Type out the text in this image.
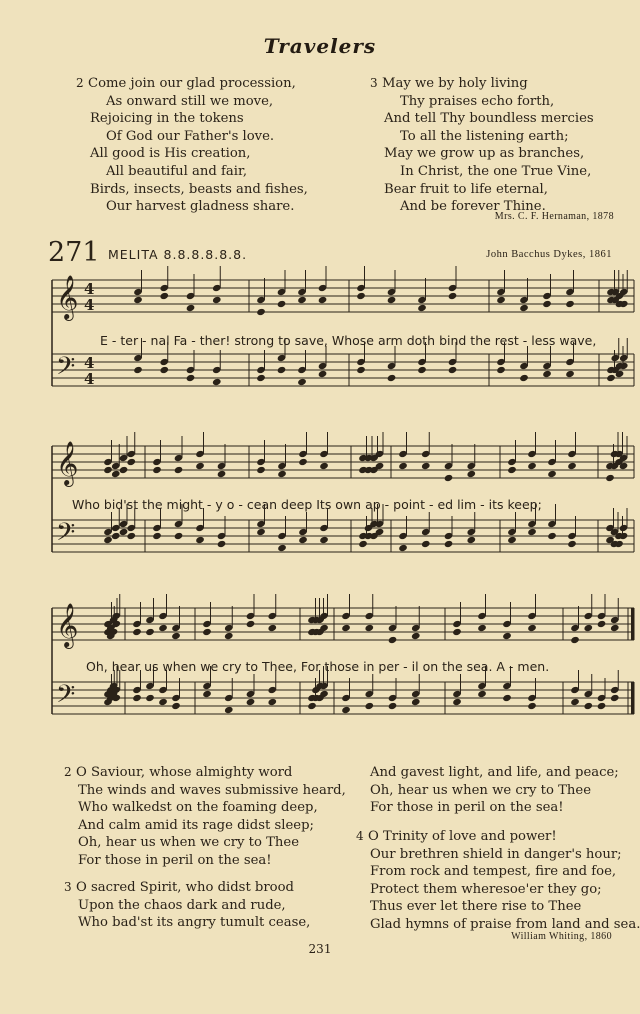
Travelers
2 Come join our glad procession,
As onward still we move,
Rejoicing in the tokens
Of God our Father's love.
All good is His creation,
All beautiful and fair,
Birds, insects, beasts and fishes,
Our harvest gladness share.
3 May we by holy living
Thy praises echo forth,
And tell Thy boundless mercies
To all the listening earth;
May we grow up as branches,
In Christ, the one True Vine,
Bear fruit to life eternal,
And be forever Thine.
Mrs. C. F. Hernaman, 1878
271 MELITA 8.8.8.8.8.8.	John Bacchus Dykes, 1861
𝄞
𝄢
4
4
4
4
𝄞
𝄢
𝄞
𝄢
E - ter - nal Fa - ther! strong to save, Whose arm doth bind the rest - less wave,
Who bid'st the might - y o - cean deep Its own ap - point - ed lim - its keep;
Oh, hear us when we cry to Thee, For those in per - il on the sea. A - men.
2 O Saviour, whose almighty word
The winds and waves submissive heard,
Who walkedst on the foaming deep,
And calm amid its rage didst sleep;
Oh, hear us when we cry to Thee
For those in peril on the sea!
3 O sacred Spirit, who didst brood
Upon the chaos dark and rude,
Who bad'st its angry tumult cease,
And gavest light, and life, and peace;
Oh, hear us when we cry to Thee
For those in peril on the sea!
4 O Trinity of love and power!
Our brethren shield in danger's hour;
From rock and tempest, fire and foe,
Protect them wheresoe'er they go;
Thus ever let there rise to Thee
Glad hymns of praise from land and sea.
William Whiting, 1860
231
